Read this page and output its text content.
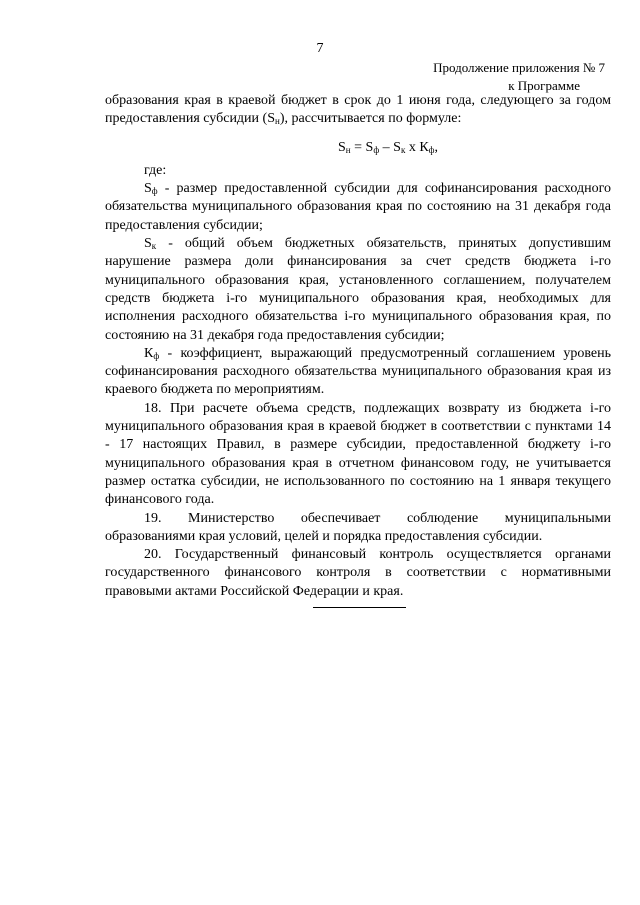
7
Продолжение приложения № 7
к Программе

образования края в краевой бюджет в срок до 1 июня года, следующего за годом предоставления субсидии $(S_н)$, рассчитывается по формуле:

$S_н = S_ф - S_к$ х $К_ф$,

где:

$S_ф$ - размер предоставленной субсидии для софинансирования расходного обязательства муниципального образования края по состоянию на 31 декабря года предоставления субсидии;

$S_к$ - общий объем бюджетных обязательств, принятых допустившим нарушение размера доли финансирования за счет средств бюджета i-го муниципального образования края, установленного соглашением, получателем средств бюджета i-го муниципального образования края, необходимых для исполнения расходного обязательства i-го муниципального образования края, по состоянию на 31 декабря года предоставления субсидии;

$К_ф$ - коэффициент, выражающий предусмотренный соглашением уровень софинансирования расходного обязательства муниципального образования края из краевого бюджета по мероприятиям.

18. При расчете объема средств, подлежащих возврату из бюджета i-го муниципального образования края в краевой бюджет в соответствии с пунктами 14 - 17 настоящих Правил, в размере субсидии, предоставленной бюджету i-го муниципального образования края в отчетном финансовом году, не учитывается размер остатка субсидии, не использованного по состоянию на 1 января текущего финансового года.

19. Министерство обеспечивает соблюдение муниципальными образованиями края условий, целей и порядка предоставления субсидии.

20. Государственный финансовый контроль осуществляется органами государственного финансового контроля в соответствии с нормативными правовыми актами Российской Федерации и края.
